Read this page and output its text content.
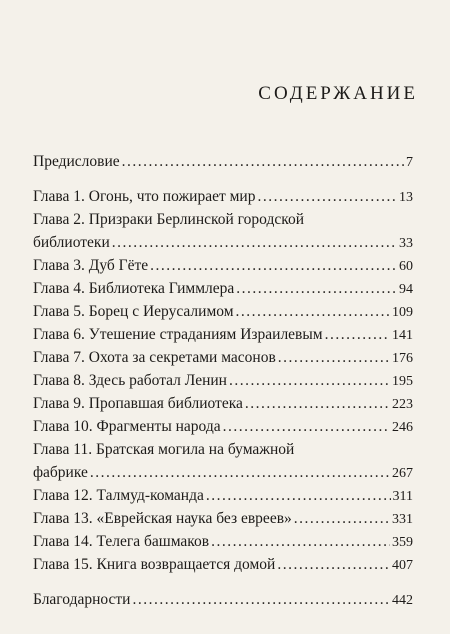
СОДЕРЖАНИЕ
Предисловие .....	7
Глава 1. Огонь, что пожирает мир .....	13
Глава 2. Призраки Берлинской городской
библиотеки .....	33
Глава 3. Дуб Гёте .....	60
Глава 4. Библиотека Гиммлера .....	94
Глава 5. Борец с Иерусалимом .....	109
Глава 6. Утешение страданиям Израилевым .....	141
Глава 7. Охота за секретами масонов .....	176
Глава 8. Здесь работал Ленин .....	195
Глава 9. Пропавшая библиотека .....	223
Глава 10. Фрагменты народа .....	246
Глава 11. Братская могила на бумажной
фабрике .....	267
Глава 12. Талмуд-команда .....	311
Глава 13. «Еврейская наука без евреев» .....	331
Глава 14. Телега башмаков .....	359
Глава 15. Книга возвращается домой .....	407
Благодарности .....	442
